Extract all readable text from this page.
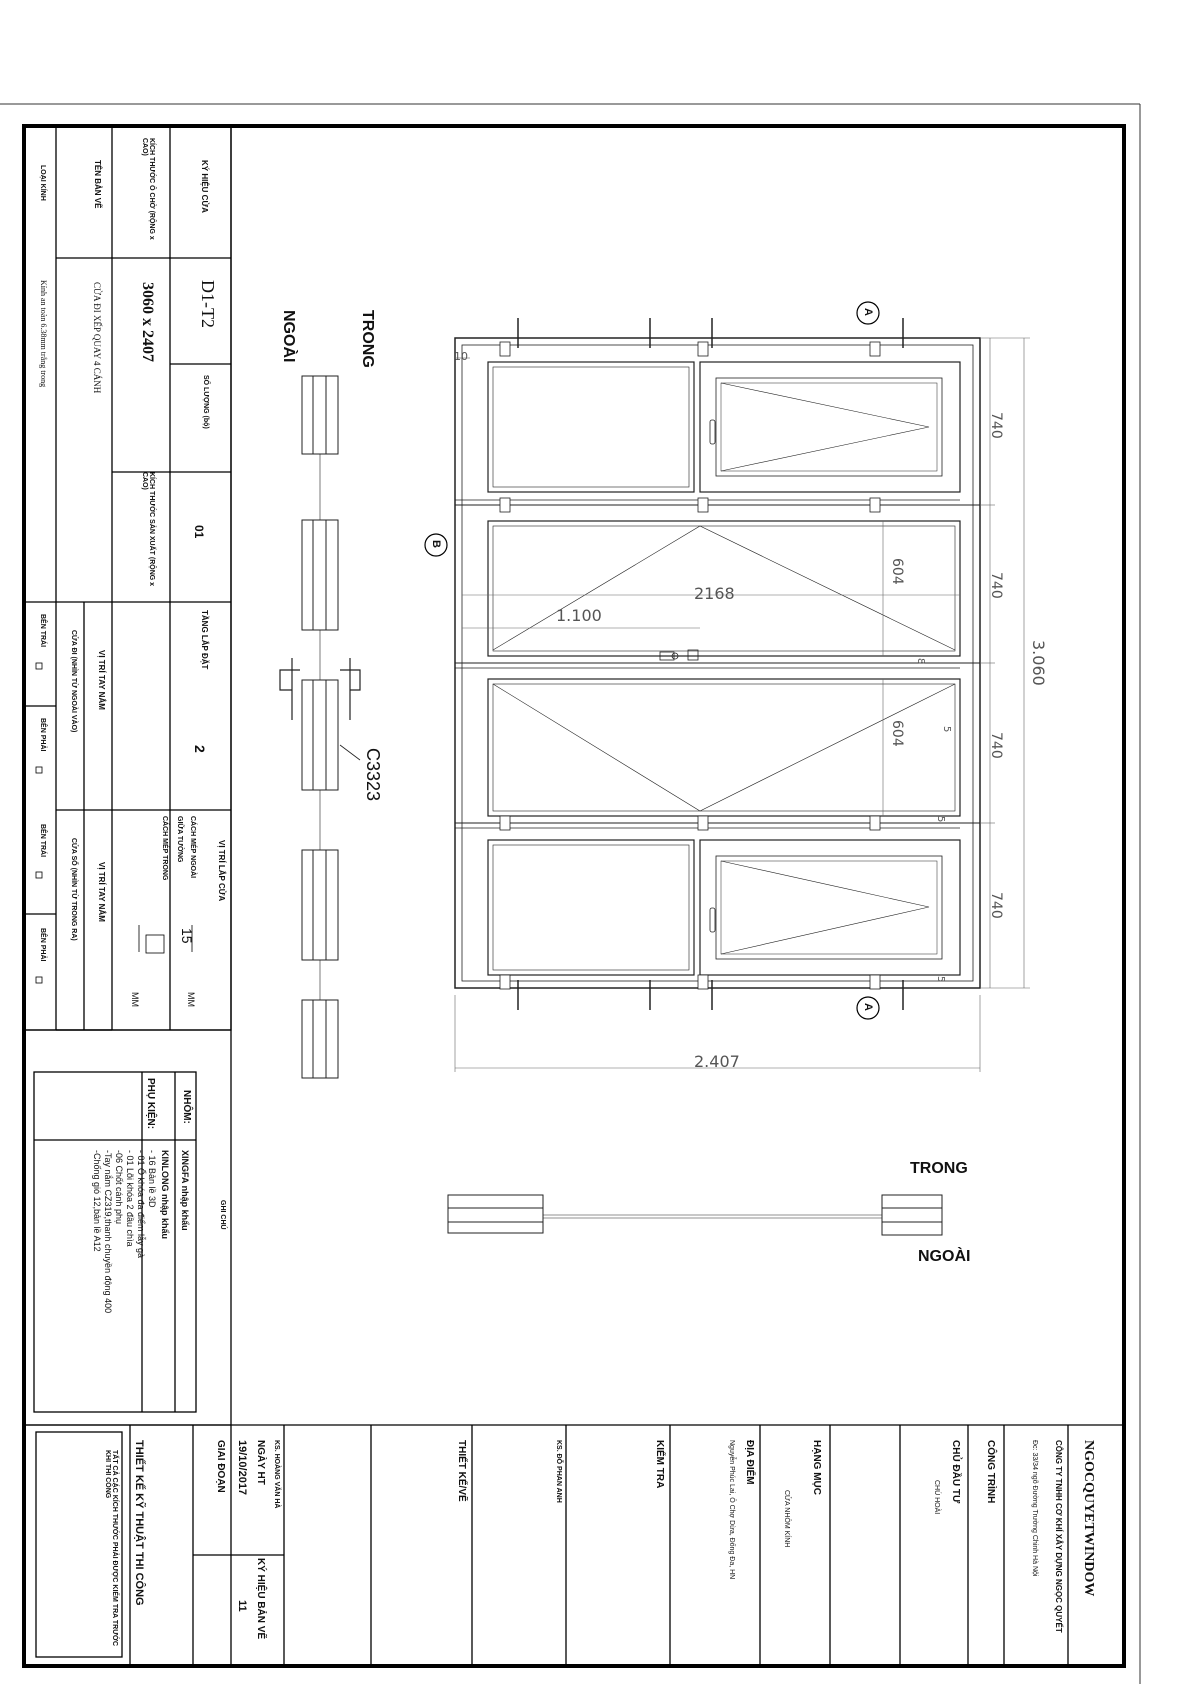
KÝ HIỆU CỬA
D1-T2
SỐ LƯỢNG (bộ)
01
TẦNG LẮP ĐẶT
2
VỊ TRÍ LẮP CỬA
CÁCH MÉP NGOÀI
15
MM
GIỮA TƯỜNG
CÁCH MÉP TRONG
MM
KÍCH THƯỚC Ô CHỜ (RỘNG x CAO)
3060 x 2407
KÍCH THƯỚC SẢN XUẤT (RỘNG x CAO)
TÊN BẢN VẼ
CỬA ĐI XẾP QUAY 4 CÁNH
VỊ TRÍ TAY NẮM
CỬA ĐI (NHÌN TỪ NGOÀI VÀO)
VỊ TRÍ TAY NẮM
CỬA SỔ (NHÌN TỪ TRONG RA)
BÊN TRÁI
BÊN PHẢI
BÊN TRÁI
BÊN PHẢI
LOẠI KÍNH
Kính an toàn 6.38mm trắng trong
GHI CHÚ
NHÔM:
XINGFA nhập khẩu
PHỤ KIỆN:
KINLONG nhập khẩu
- 16 Bản lề 3D
- 01 Ổ khóa đa điểm lẫy gà
- 01 Lõi khóa 2 đầu chìa
-06 Chốt cánh phụ
-Tay nắm CZ319,thanh chuyền động 400
-Chống gió 12,bản lề A12
NGOCQUYETWINDOW
CÔNG TY TNHH CƠ KHÍ XÂY DỰNG NGỌC QUYẾT
Đc: 33/34 ngõ Đường Trường Chinh Hà Nội
CÔNG TRÌNH
CHỦ ĐẦU TƯ
CHÚ HOÀI
HẠNG MỤC
CỬA NHÔM KÍNH
ĐỊA ĐIỂM
Nguyễn Phúc Lai, Ô Chợ Dừa, Đống Đa, HN
KIỂM TRA
KS. ĐỖ PHAN ANH
THIẾT KẾ/VẼ
KS. HOÀNG VĂN HÀ
NGÀY HT
KÝ HIỆU BẢN VẼ
19/10/2017
11
GIAI ĐOẠN
THIẾT KẾ KỸ THUẬT THI CÔNG
TẤT CẢ CÁC KÍCH THƯỚC PHẢI ĐƯỢC KIỂM TRA TRƯỚC KHI THI CÔNG
TRONG
NGOÀI
C3323
TRONG
NGOÀI
A
A
B
3.060
740
740
740
740
604
604
2168
1.100
2.407
10
5
5
5
8
